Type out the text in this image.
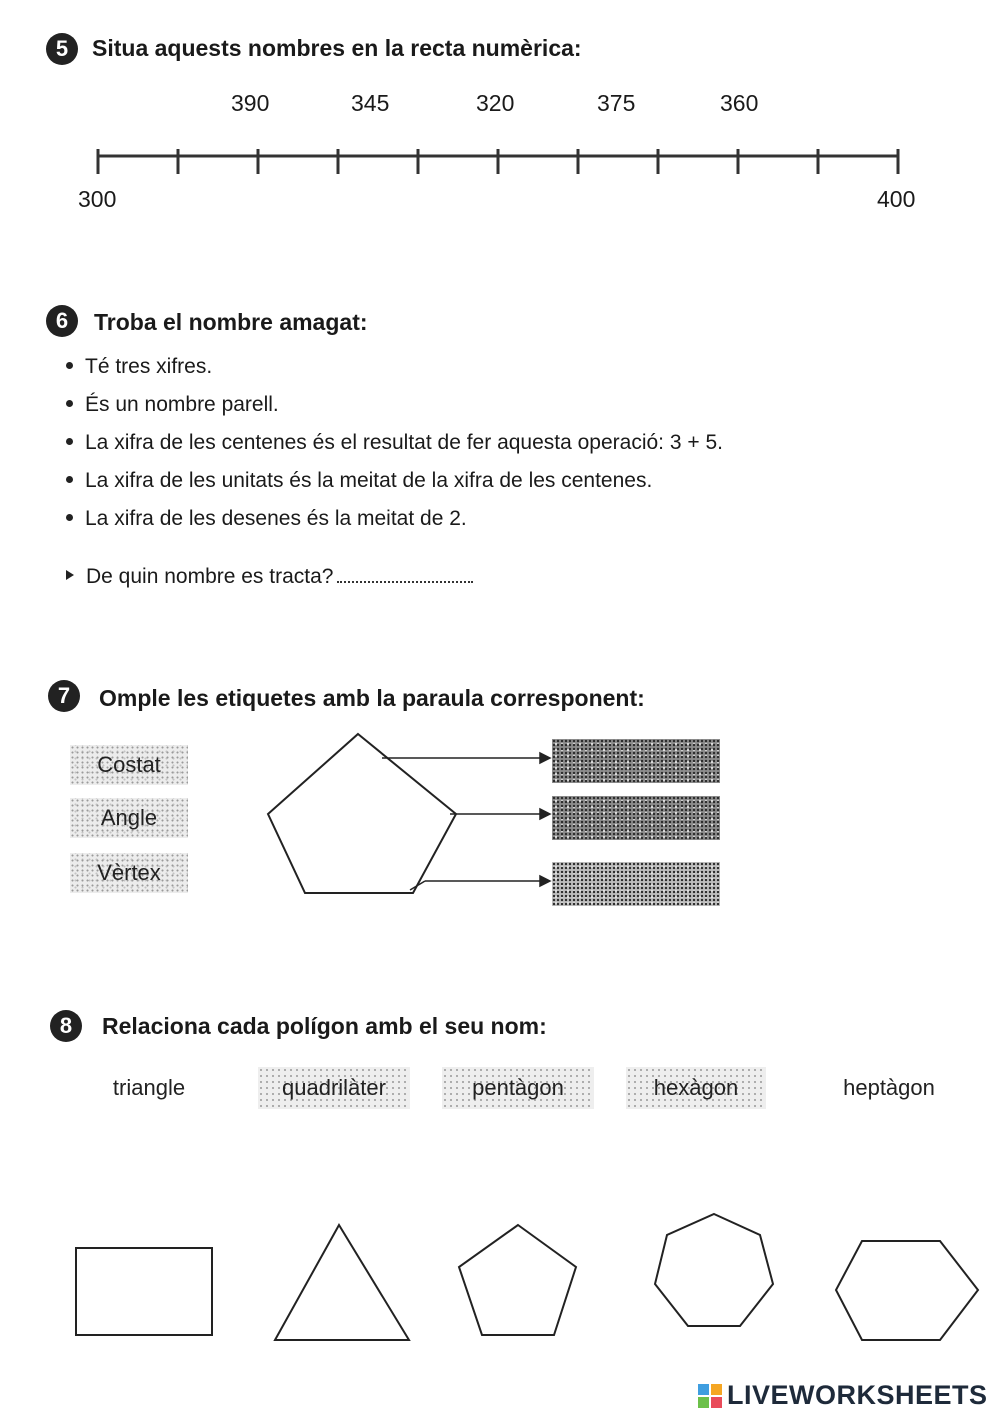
5	Situa aquests nombres en la recta numèrica:
390	345	320	375	360
300	400
6	Troba el nombre amagat:
Té tres xifres.
És un nombre parell.
La xifra de les centenes és el resultat de fer aquesta operació: 3 + 5.
La xifra de les unitats és la meitat de la xifra de les centenes.
La xifra de les desenes és la meitat de 2.
De quin nombre es tracta?
7	Omple les etiquetes amb la paraula corresponent:
Costat
Angle
Vèrtex
8	Relaciona cada polígon amb el seu nom:
triangle	quadrilàter	pentàgon	hexàgon	heptàgon
LIVEWORKSHEETS
